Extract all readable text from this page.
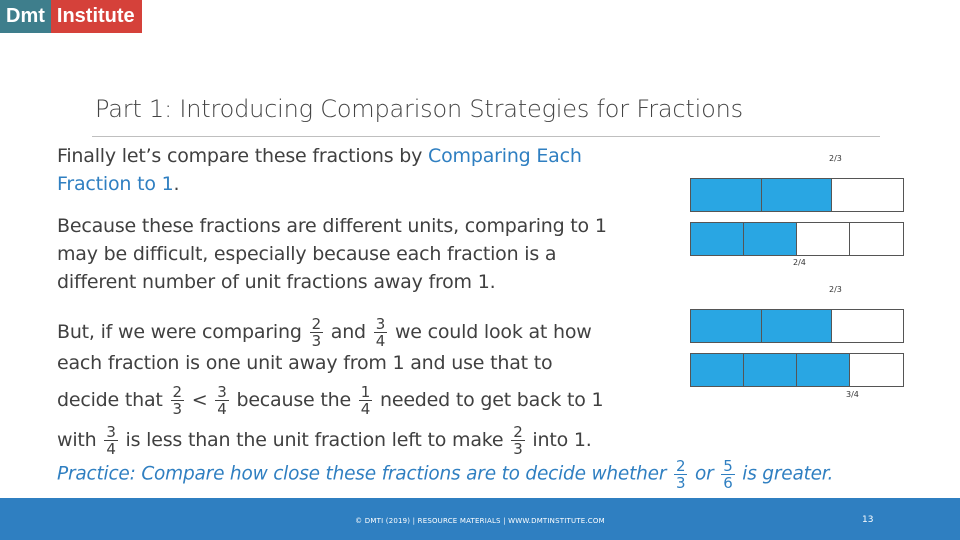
Dmt Institute
Part 1: Introducing Comparison Strategies for Fractions
Finally let’s compare these fractions by Comparing Each
Fraction to 1.
Because these fractions are different units, comparing to 1
may be difficult, especially because each fraction is a
different number of unit fractions away from 1.
But, if we were comparing $\frac{2}{3}$ and $\frac{3}{4}$ we could look at how
each fraction is one unit away from 1 and use that to
decide that $\frac{2}{3} < \frac{3}{4}$ because the $\frac{1}{4}$ needed to get back to 1
with $\frac{3}{4}$ is less than the unit fraction left to make $\frac{2}{3}$ into 1.
Practice: Compare how close these fractions are to decide whether $\frac{2}{3}$ or $\frac{5}{6}$ is greater.
2/3
2/4
2/3
3/4
© DMTI (2019) | RESOURCE MATERIALS | WWW.DMTINSTITUTE.COM	13
